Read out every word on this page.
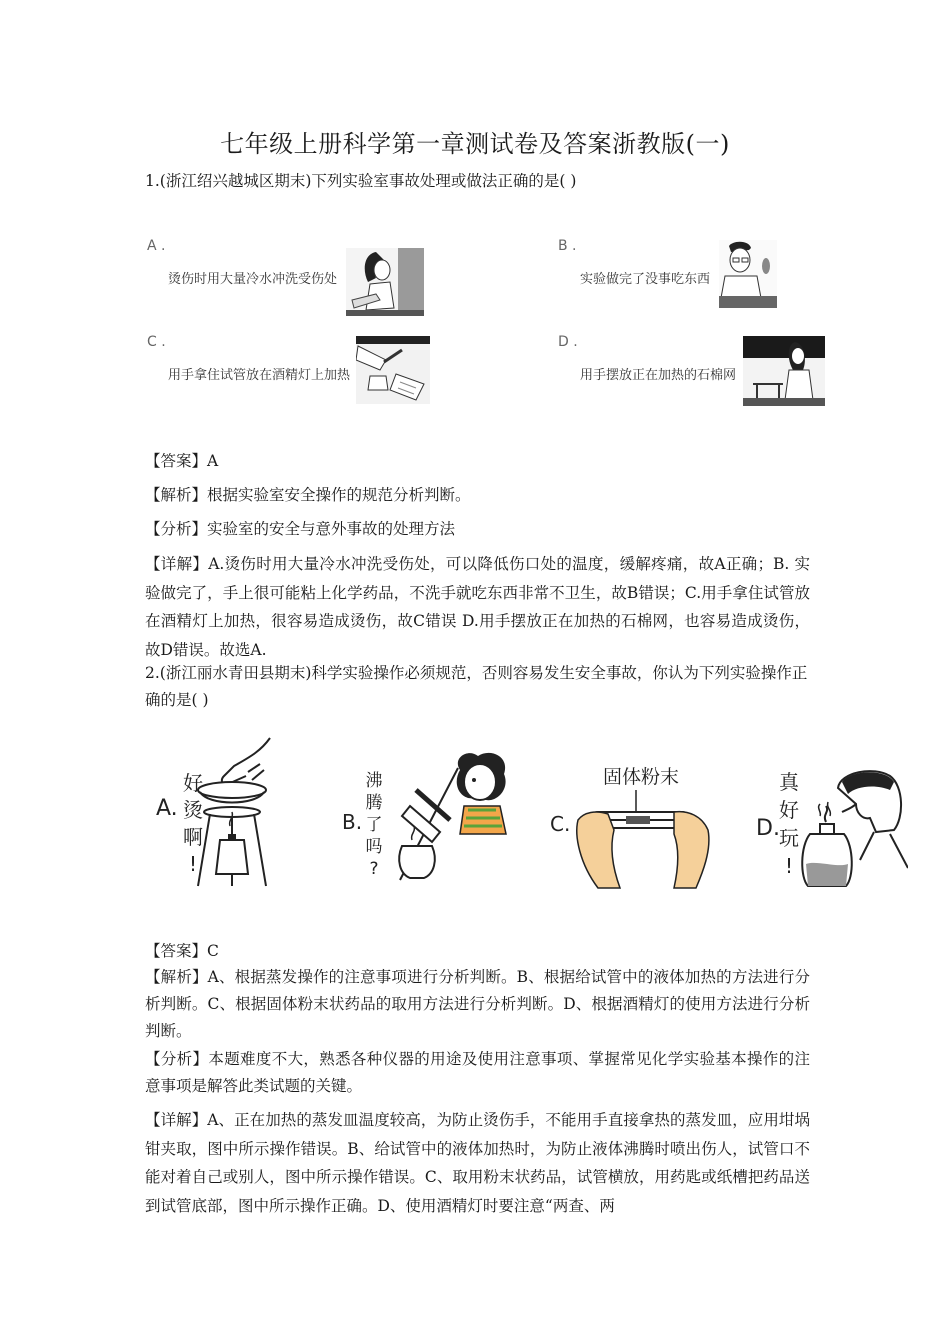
七年级上册科学第一章测试卷及答案浙教版(一)
1.(浙江绍兴越城区期末)下列实验室事故处理或做法正确的是( )
A .
烫伤时用大量冷水冲洗受伤处
B .
实验做完了没事吃东西
C .
用手拿住试管放在酒精灯上加热
D .
用手摆放正在加热的石棉网
【答案】A
【解析】根据实验室安全操作的规范分析判断。
【分析】实验室的安全与意外事故的处理方法
【详解】A.烫伤时用大量冷水冲洗受伤处，可以降低伤口处的温度，缓解疼痛，故A正确；B. 实验做完了，手上很可能粘上化学药品，不洗手就吃东西非常不卫生，故B错误；C.用手拿住试管放在酒精灯上加热，很容易造成烫伤，故C错误 D.用手摆放正在加热的石棉网，也容易造成烫伤，故D错误。故选A.
2.(浙江丽水青田县期末)科学实验操作必须规范，否则容易发生安全事故，你认为下列实验操作正确的是( )
A.
好
烫
啊
!
B.
沸
腾
了
吗
?
固体粉末
C.	D.
真
好
玩
!
【答案】C
【解析】A、根据蒸发操作的注意事项进行分析判断。B、根据给试管中的液体加热的方法进行分析判断。C、根据固体粉末状药品的取用方法进行分析判断。D、根据酒精灯的使用方法进行分析判断。
【分析】本题难度不大，熟悉各种仪器的用途及使用注意事项、掌握常见化学实验基本操作的注意事项是解答此类试题的关键。
【详解】A、正在加热的蒸发皿温度较高，为防止烫伤手，不能用手直接拿热的蒸发皿，应用坩埚钳夹取，图中所示操作错误。B、给试管中的液体加热时，为防止液体沸腾时喷出伤人，试管口不能对着自己或别人，图中所示操作错误。C、取用粉末状药品，试管横放，用药匙或纸槽把药品送到试管底部，图中所示操作正确。D、使用酒精灯时要注意“两查、两
